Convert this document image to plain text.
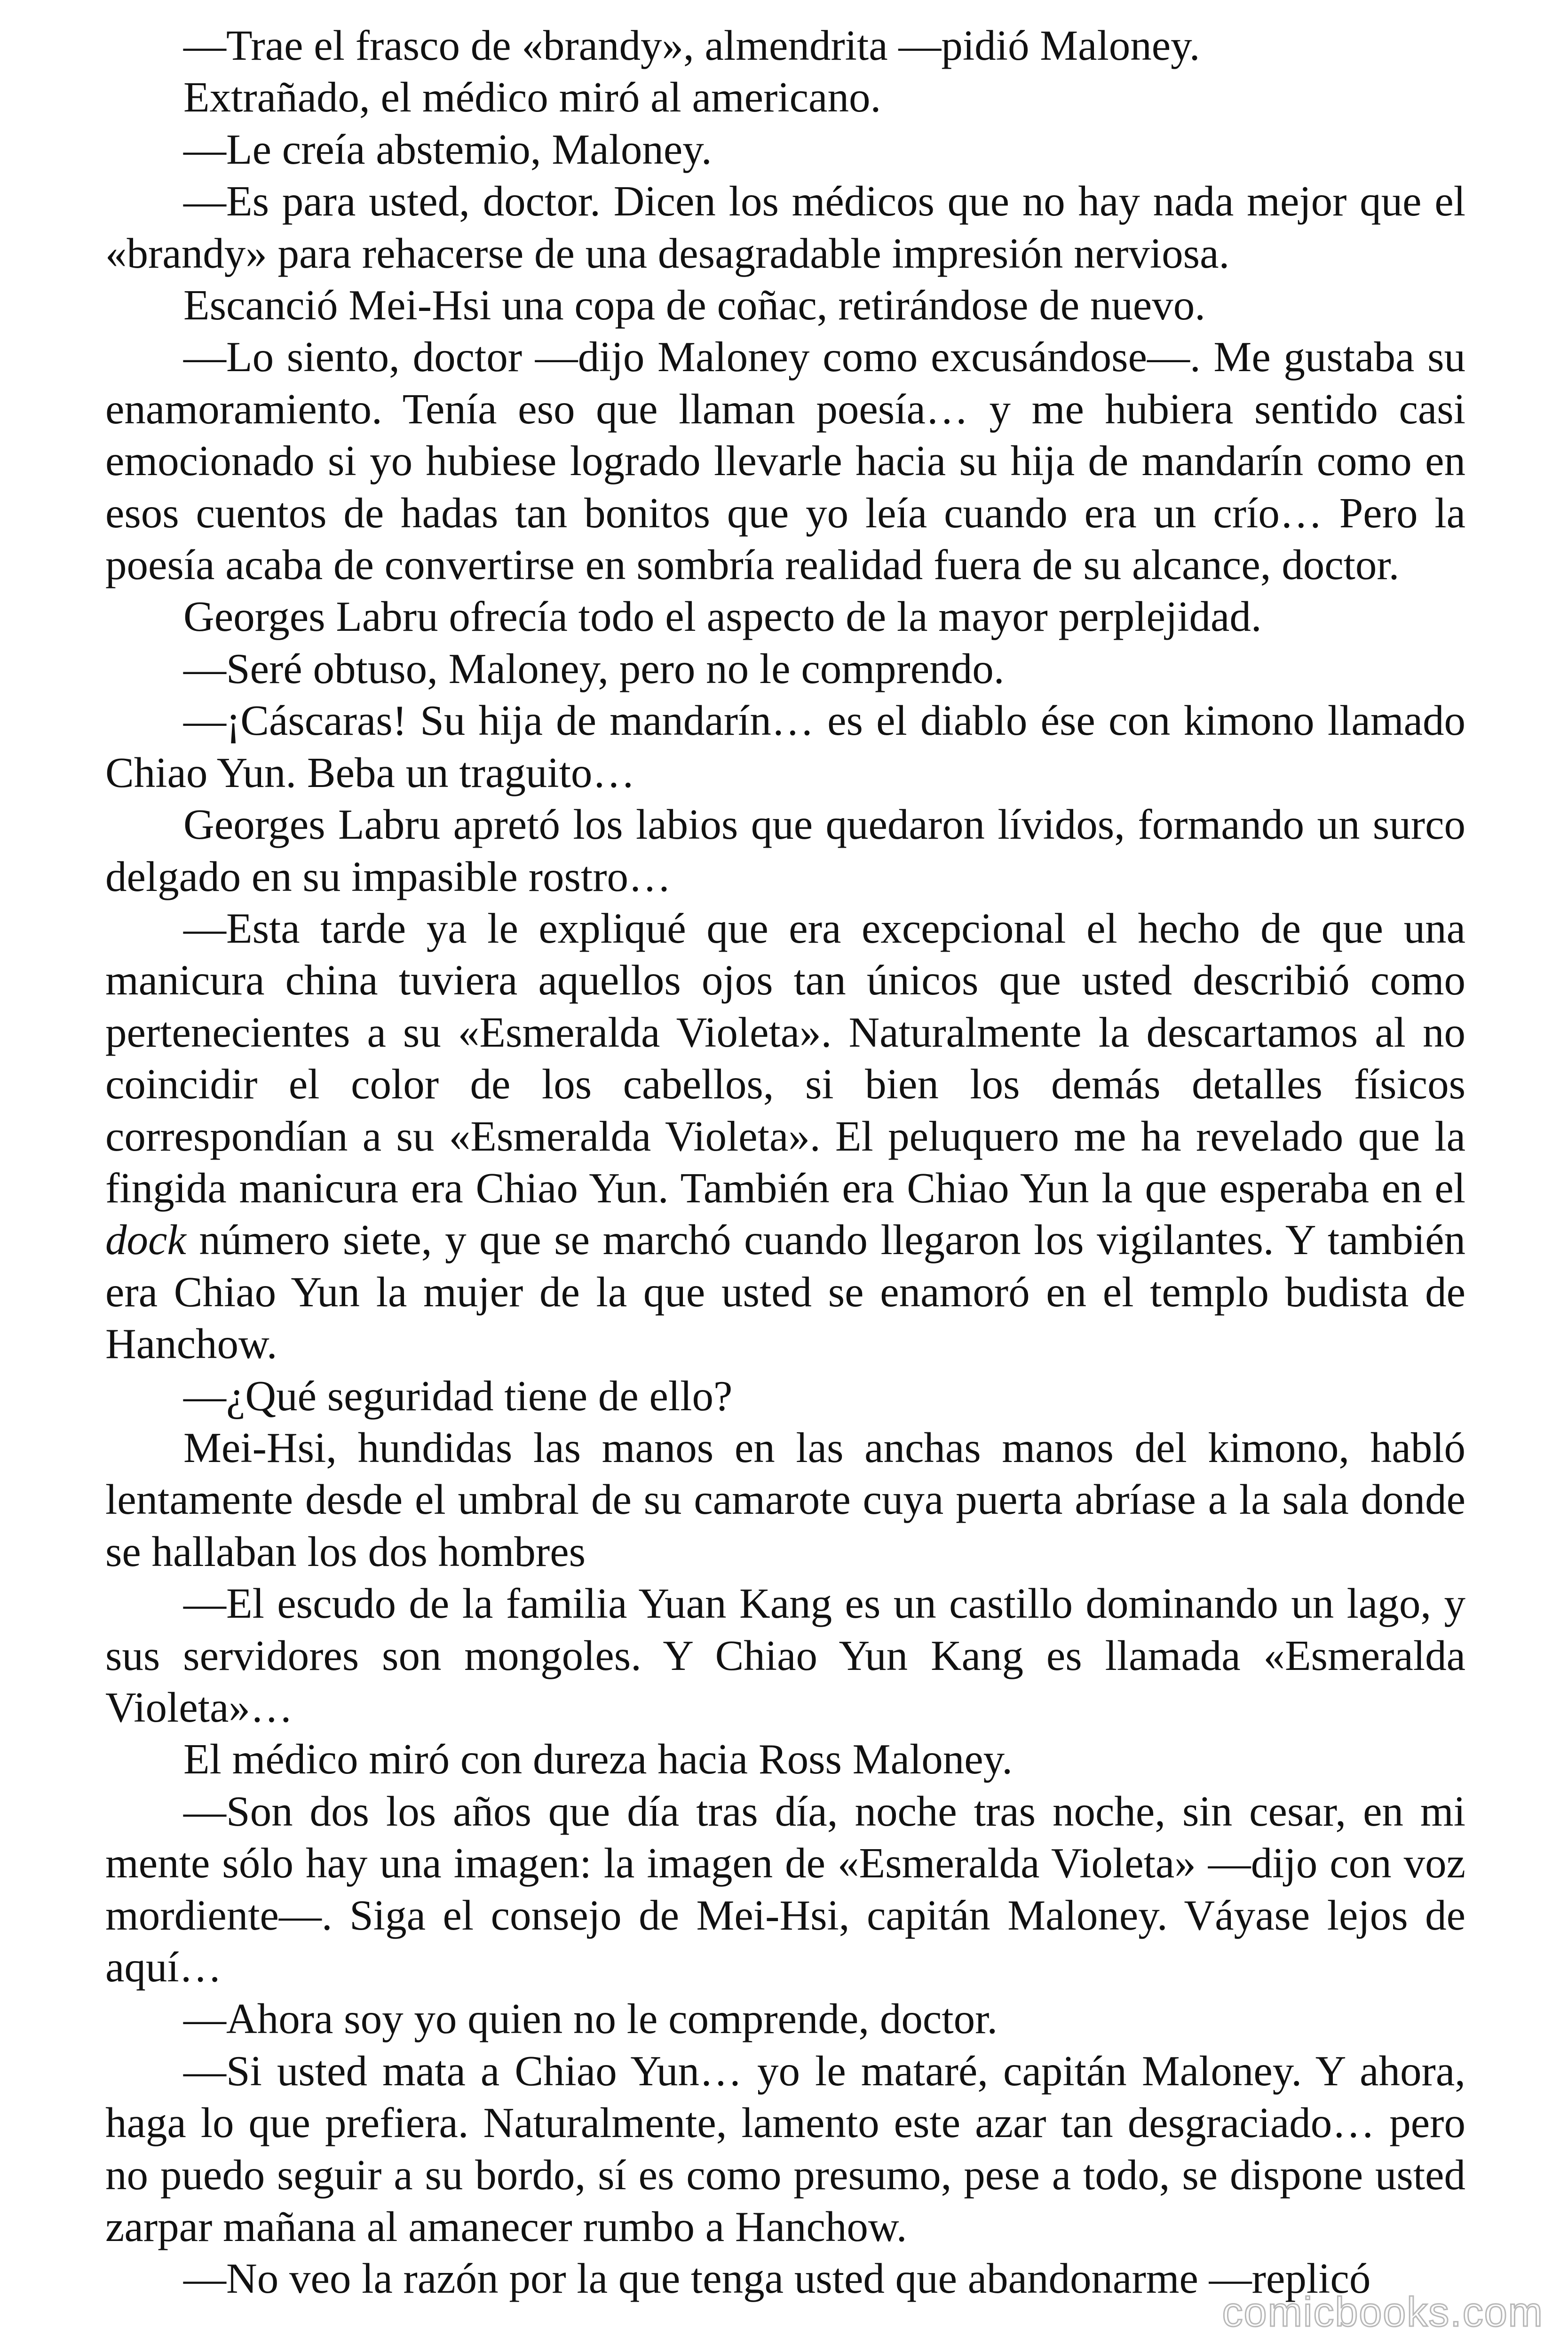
—Trae el frasco de «brandy», almendrita —pidió Maloney.

Extrañado, el médico miró al americano.

—Le creía abstemio, Maloney.

—Es para usted, doctor. Dicen los médicos que no hay nada mejor que el «brandy» para rehacerse de una desagradable impresión nerviosa.

Escanció Mei-Hsi una copa de coñac, retirándose de nuevo.

—Lo siento, doctor —dijo Maloney como excusándose—. Me gustaba su enamoramiento. Tenía eso que llaman poesía… y me hubiera sentido casi emocionado si yo hubiese logrado llevarle hacia su hija de mandarín como en esos cuentos de hadas tan bonitos que yo leía cuando era un crío… Pero la poesía acaba de convertirse en sombría realidad fuera de su alcance, doctor.

Georges Labru ofrecía todo el aspecto de la mayor perplejidad.

—Seré obtuso, Maloney, pero no le comprendo.

—¡Cáscaras! Su hija de mandarín… es el diablo ése con kimono llamado Chiao Yun. Beba un traguito…

Georges Labru apretó los labios que quedaron lívidos, formando un surco delgado en su impasible rostro…

—Esta tarde ya le expliqué que era excepcional el hecho de que una manicura china tuviera aquellos ojos tan únicos que usted describió como pertenecientes a su «Esmeralda Violeta». Naturalmente la descartamos al no coincidir el color de los cabellos, si bien los demás detalles físicos correspondían a su «Esmeralda Violeta». El peluquero me ha revelado que la fingida manicura era Chiao Yun. También era Chiao Yun la que esperaba en el dock número siete, y que se marchó cuando llegaron los vigilantes. Y también era Chiao Yun la mujer de la que usted se enamoró en el templo budista de Hanchow.

—¿Qué seguridad tiene de ello?

Mei-Hsi, hundidas las manos en las anchas manos del kimono, habló lentamente desde el umbral de su camarote cuya puerta abríase a la sala donde se hallaban los dos hombres

—El escudo de la familia Yuan Kang es un castillo dominando un lago, y sus servidores son mongoles. Y Chiao Yun Kang es llamada «Esmeralda Violeta»…

El médico miró con dureza hacia Ross Maloney.

—Son dos los años que día tras día, noche tras noche, sin cesar, en mi mente sólo hay una imagen: la imagen de «Esmeralda Violeta» —dijo con voz mordiente—. Siga el consejo de Mei-Hsi, capitán Maloney. Váyase lejos de aquí…

—Ahora soy yo quien no le comprende, doctor.

—Si usted mata a Chiao Yun… yo le mataré, capitán Maloney. Y ahora, haga lo que prefiera. Naturalmente, lamento este azar tan desgraciado… pero no puedo seguir a su bordo, sí es como presumo, pese a todo, se dispone usted zarpar mañana al amanecer rumbo a Hanchow.

—No veo la razón por la que tenga usted que abandonarme —replicó

comicbooks.com
